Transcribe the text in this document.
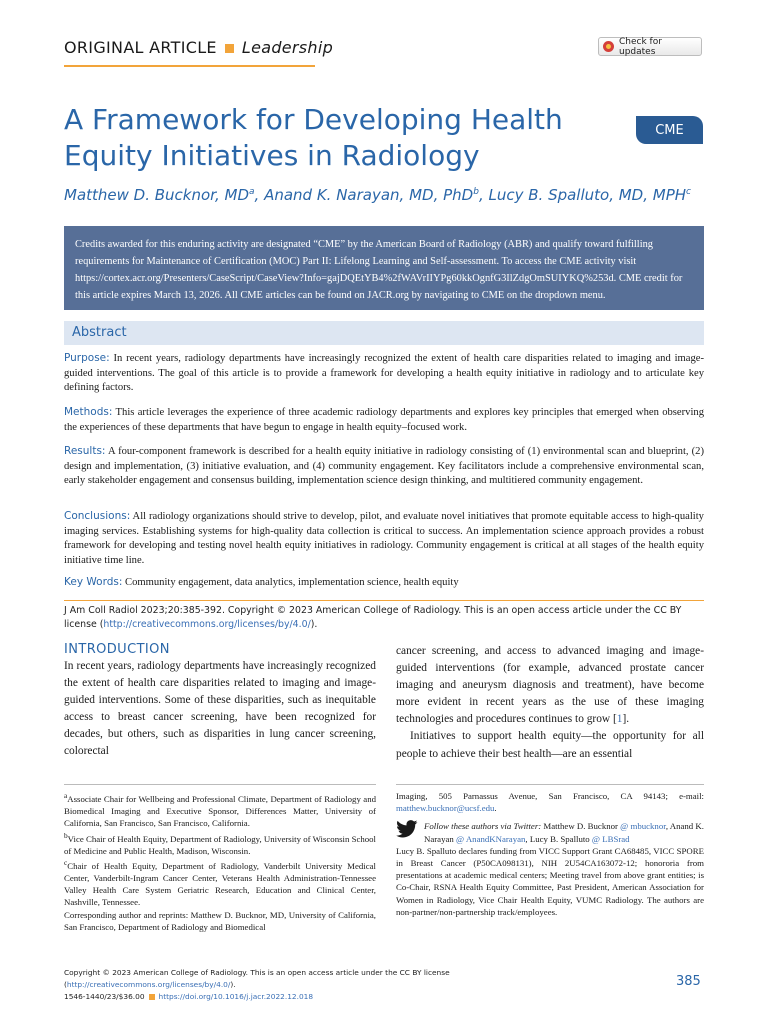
ORIGINAL ARTICLE Leadership	Check for updates
A Framework for Developing Health Equity Initiatives in Radiology
CME
Matthew D. Bucknor, $MD^a$, Anand K. Narayan, MD, PhD$^b$, Lucy B. Spalluto, MD, MPH$^c$
Credits awarded for this enduring activity are designated “CME” by the American Board of Radiology (ABR) and qualify toward fulfilling requirements for Maintenance of Certification (MOC) Part II: Lifelong Learning and Self-assessment. To access the CME activity visit https://cortex.acr.org/Presenters/CaseScript/CaseView?Info=gajDQEtYB4%2fWAVrIIYPg60kkOgnfG3IlZdgOmSUIYKQ%253d. CME credit for this article expires March 13, 2026. All CME articles can be found on JACR.org by navigating to CME on the dropdown menu.
Abstract
Purpose: In recent years, radiology departments have increasingly recognized the extent of health care disparities related to imaging and image-guided interventions. The goal of this article is to provide a framework for developing a health equity initiative in radiology and to articulate key defining factors.
Methods: This article leverages the experience of three academic radiology departments and explores key principles that emerged when observing the experiences of these departments that have begun to engage in health equity–focused work.
Results: A four-component framework is described for a health equity initiative in radiology consisting of (1) environmental scan and blueprint, (2) design and implementation, (3) initiative evaluation, and (4) community engagement. Key facilitators include a comprehensive environmental scan, early stakeholder engagement and consensus building, implementation science design thinking, and multitiered community engagement.
Conclusions: All radiology organizations should strive to develop, pilot, and evaluate novel initiatives that promote equitable access to high-quality imaging services. Establishing systems for high-quality data collection is critical to success. An implementation science approach provides a robust framework for developing and testing novel health equity initiatives in radiology. Community engagement is critical at all stages of the health equity initiative time line.
Key Words: Community engagement, data analytics, implementation science, health equity
J Am Coll Radiol 2023;20:385-392. Copyright © 2023 American College of Radiology. This is an open access article under the CC BY license (http://creativecommons.org/licenses/by/4.0/).
INTRODUCTION
In recent years, radiology departments have increasingly recognized the extent of health care disparities related to imaging and image-guided interventions. Some of these disparities, such as inequitable access to breast cancer screening, have been recognized for decades, but others, such as disparities in lung cancer screening, colorectal
cancer screening, and access to advanced imaging and image-guided interventions (for example, advanced prostate cancer imaging and aneurysm diagnosis and treatment), have become more evident in recent years as the use of these imaging technologies and procedures continues to grow [1].
Initiatives to support health equity—the opportunity for all people to achieve their best health—are an essential
$^a$Associate Chair for Wellbeing and Professional Climate, Department of Radiology and Biomedical Imaging and Executive Sponsor, Differences Matter, University of California, San Francisco, San Francisco, California.
$^b$Vice Chair of Health Equity, Department of Radiology, University of Wisconsin School of Medicine and Public Health, Madison, Wisconsin.
$^c$Chair of Health Equity, Department of Radiology, Vanderbilt University Medical Center, Vanderbilt-Ingram Cancer Center, Veterans Health Administration-Tennessee Valley Health Care System Geriatric Research, Education and Clinical Center, Nashville, Tennessee.
Corresponding author and reprints: Matthew D. Bucknor, MD, University of California, San Francisco, Department of Radiology and Biomedical
Imaging, 505 Parnassus Avenue, San Francisco, CA 94143; e-mail: matthew.bucknor@ucsf.edu.
Follow these authors via Twitter: Matthew D. Bucknor @ mbucknor, Anand K. Narayan @ AnandKNarayan, Lucy B. Spalluto @ LBSrad
Lucy B. Spalluto declares funding from VICC Support Grant CA68485, VICC SPORE in Breast Cancer (P50CA098131), NIH 2U54CA163072-12; honororia from presentations at academic medical centers; Meeting travel from above grant entities; is Co-Chair, RSNA Health Equity Committee, Past President, American Association for Women in Radiology, Vice Chair Health Equity, VUMC Radiology. The authors are non-partner/non-partnership track/employees.
Copyright © 2023 American College of Radiology. This is an open access article under the CC BY license (http://creativecommons.org/licenses/by/4.0/).
1546-1440/23/$36.00 https://doi.org/10.1016/j.jacr.2022.12.018
385
